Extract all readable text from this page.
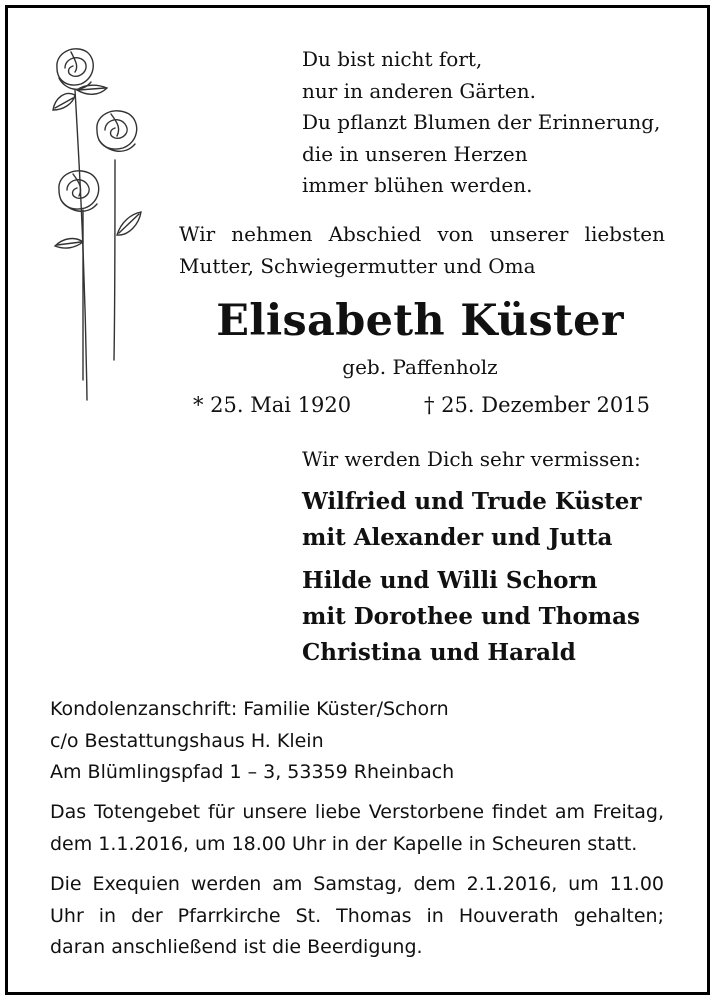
Du bist nicht fort,
nur in anderen Gärten.
Du pflanzt Blumen der Erinnerung,
die in unseren Herzen
immer blühen werden.
Wir nehmen Abschied von unserer liebsten
Mutter, Schwiegermutter und Oma
Elisabeth Küster
geb. Paffenholz
* 25. Mai 1920	† 25. Dezember 2015
Wir werden Dich sehr vermissen:
Wilfried und Trude Küster
mit Alexander und Jutta
Hilde und Willi Schorn
mit Dorothee und Thomas
Christina und Harald
Kondolenzanschrift: Familie Küster/Schorn
c/o Bestattungshaus H. Klein
Am Blümlingspfad 1 – 3, 53359 Rheinbach
Das Totengebet für unsere liebe Verstorbene findet am Freitag,
dem 1.1.2016, um 18.00 Uhr in der Kapelle in Scheuren statt.
Die Exequien werden am Samstag, dem 2.1.2016, um 11.00
Uhr in der Pfarrkirche St. Thomas in Houverath gehalten;
daran anschließend ist die Beerdigung.
